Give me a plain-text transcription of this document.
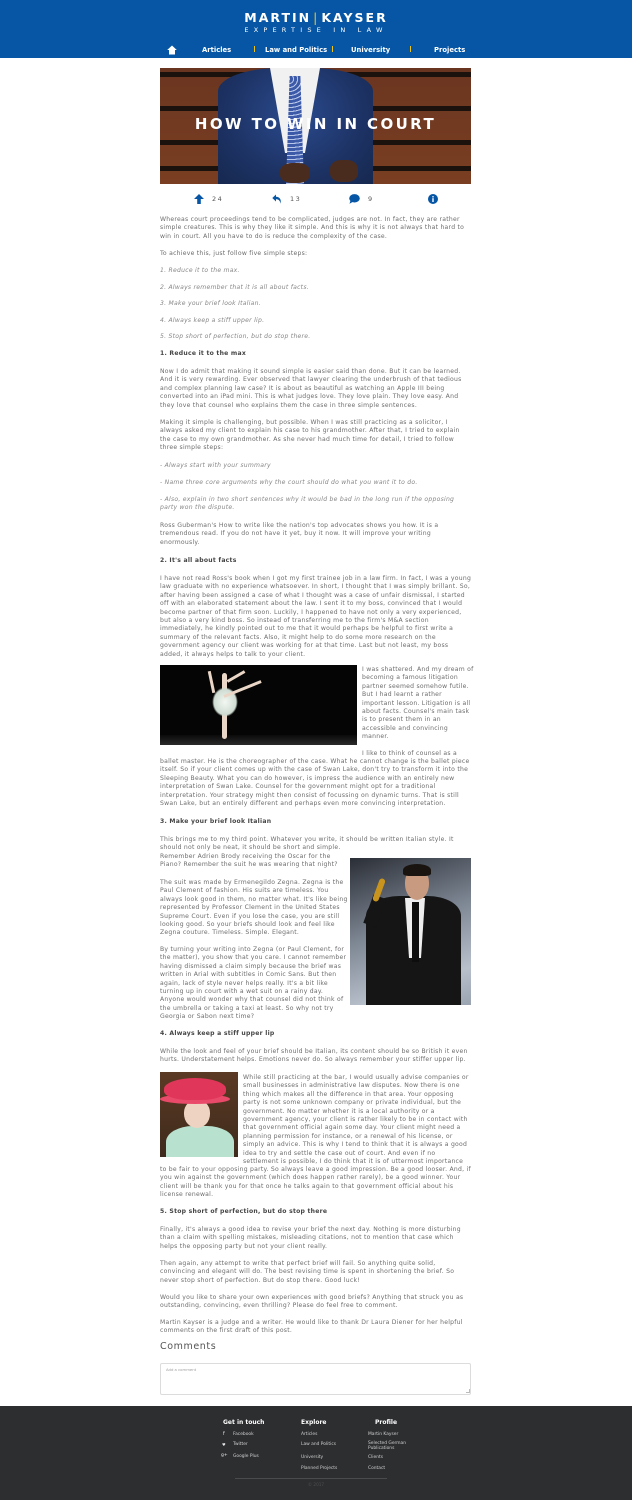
MARTIN | KAYSER
EXPERTISE IN LAW
Articles	Law and Politics	University	Projects
HOW TO WIN IN COURT
24	13	9
Whereas court proceedings tend to be complicated, judges are not. In fact, they are rather simple creatures. This is why they like it simple. And this is why it is not always that hard to win in court. All you have to do is reduce the complexity of the case.
To achieve this, just follow five simple steps:
1. Reduce it to the max.
2. Always remember that it is all about facts.
3. Make your brief look Italian.
4. Always keep a stiff upper lip.
5. Stop short of perfection, but do stop there.
1. Reduce it to the max
Now I do admit that making it sound simple is easier said than done. But it can be learned. And it is very rewarding. Ever observed that lawyer clearing the underbrush of that tedious and complex planning law case? It is about as beautiful as watching an Apple III being converted into an iPad mini. This is what judges love. They love plain. They love easy. And they love that counsel who explains them the case in three simple sentences.
Making it simple is challenging, but possible. When I was still practicing as a solicitor, I always asked my client to explain his case to his grandmother. After that, I tried to explain the case to my own grandmother. As she never had much time for detail, I tried to follow three simple steps:
- Always start with your summary
- Name three core arguments why the court should do what you want it to do.
- Also, explain in two short sentences why it would be bad in the long run if the opposing party won the dispute.
Ross Guberman's How to write like the nation's top advocates shows you how. It is a tremendous read. If you do not have it yet, buy it now. It will improve your writing enormously.
2. It's all about facts
I have not read Ross's book when I got my first trainee job in a law firm. In fact, I was a young law graduate with no experience whatsoever. In short, I thought that I was simply brillant. So, after having been assigned a case of what I thought was a case of unfair dismissal, I started off with an elaborated statement about the law. I sent it to my boss, convinced that I would become partner of that firm soon. Luckily, I happened to have not only a very experienced, but also a very kind boss. So instead of transferring me to the firm's M&A section immediately, he kindly pointed out to me that it would perhaps be helpful to first write a summary of the relevant facts. Also, it might help to do some more research on the government agency our client was working for at that time. Last but not least, my boss added, it always helps to talk to your client.
I was shattered. And my dream of becoming a famous litigation partner seemed somehow futile. But I had learnt a rather important lesson. Litigation is all about facts. Counsel's main task is to present them in an accessible and convincing manner.
I like to think of counsel as a
ballet master. He is the choreographer of the case. What he cannot change is the ballet piece itself. So if your client comes up with the case of Swan Lake, don't try to transform it into the Sleeping Beauty. What you can do however, is impress the audience with an entirely new interpretation of Swan Lake. Counsel for the government might opt for a traditional interpretation. Your strategy might then consist of focussing on dynamic turns. That is still Swan Lake, but an entirely different and perhaps even more convincing interpretation.
3. Make your brief look Italian
This brings me to my third point. Whatever you write, it should be written Italian style. It should not only be neat, it should be short and simple.
Remember Adrien Brody receiving the Oscar for the Piano? Remember the suit he was wearing that night?
The suit was made by Ermenegildo Zegna. Zegna is the Paul Clement of fashion. His suits are timeless. You always look good in them, no matter what. It's like being represented by Professor Clement in the United States Supreme Court. Even if you lose the case, you are still looking good. So your briefs should look and feel like Zegna couture. Timeless. Simple. Elegant.
By turning your writing into Zegna (or Paul Clement, for the matter), you show that you care. I cannot remember having dismissed a claim simply because the brief was written in Arial with subtitles in Comic Sans. But then again, lack of style never helps really. It's a bit like turning up in court with a wet suit on a rainy day. Anyone would wonder why that counsel did not think of the umbrella or taking a taxi at least. So why not try Georgia or Sabon next time?
4. Always keep a stiff upper lip
While the look and feel of your brief should be Italian, its content should be so British it even hurts. Understatement helps. Emotions never do. So always remember your stiffer upper lip.
While still practicing at the bar, I would usually advise companies or small businesses in administrative law disputes. Now there is one thing which makes all the difference in that area. Your opposing party is not some unknown company or private individual, but the government. No matter whether it is a local authority or a government agency, your client is rather likely to be in contact with that government official again some day. Your client might need a planning permission for instance, or a renewal of his license, or simply an advice. This is why I tend to think that it is always a good idea to try and settle the case out of court. And even if no settlement is possible, I do think that it is of uttermost importance
to be fair to your opposing party. So always leave a good impression. Be a good looser. And, if you win against the government (which does happen rather rarely), be a good winner. Your client will be thank you for that once he talks again to that government official about his license renewal.
5. Stop short of perfection, but do stop there
Finally, it's always a good idea to revise your brief the next day. Nothing is more disturbing than a claim with spelling mistakes, misleading citations, not to mention that case which helps the opposing party but not your client really.
Then again, any attempt to write that perfect brief will fail. So anything quite solid, convincing and elegant will do. The best revising time is spent in shortening the brief. So never stop short of perfection. But do stop there. Good luck!
Would you like to share your own experiences with good briefs? Anything that struck you as outstanding, convincing, even thrilling? Please do feel free to comment.
Martin Kayser is a judge and a writer. He would like to thank Dr Laura Diener for her helpful comments on the first draft of this post.
Comments
Add a comment
Get in touch
f Facebook
♥ Twitter
g+ Google Plus
Explore
Articles
Law and Politics
University
Planned Projects
Profile
Martin Kayser
Selected German Publications
Clients
Contact
© 2017
